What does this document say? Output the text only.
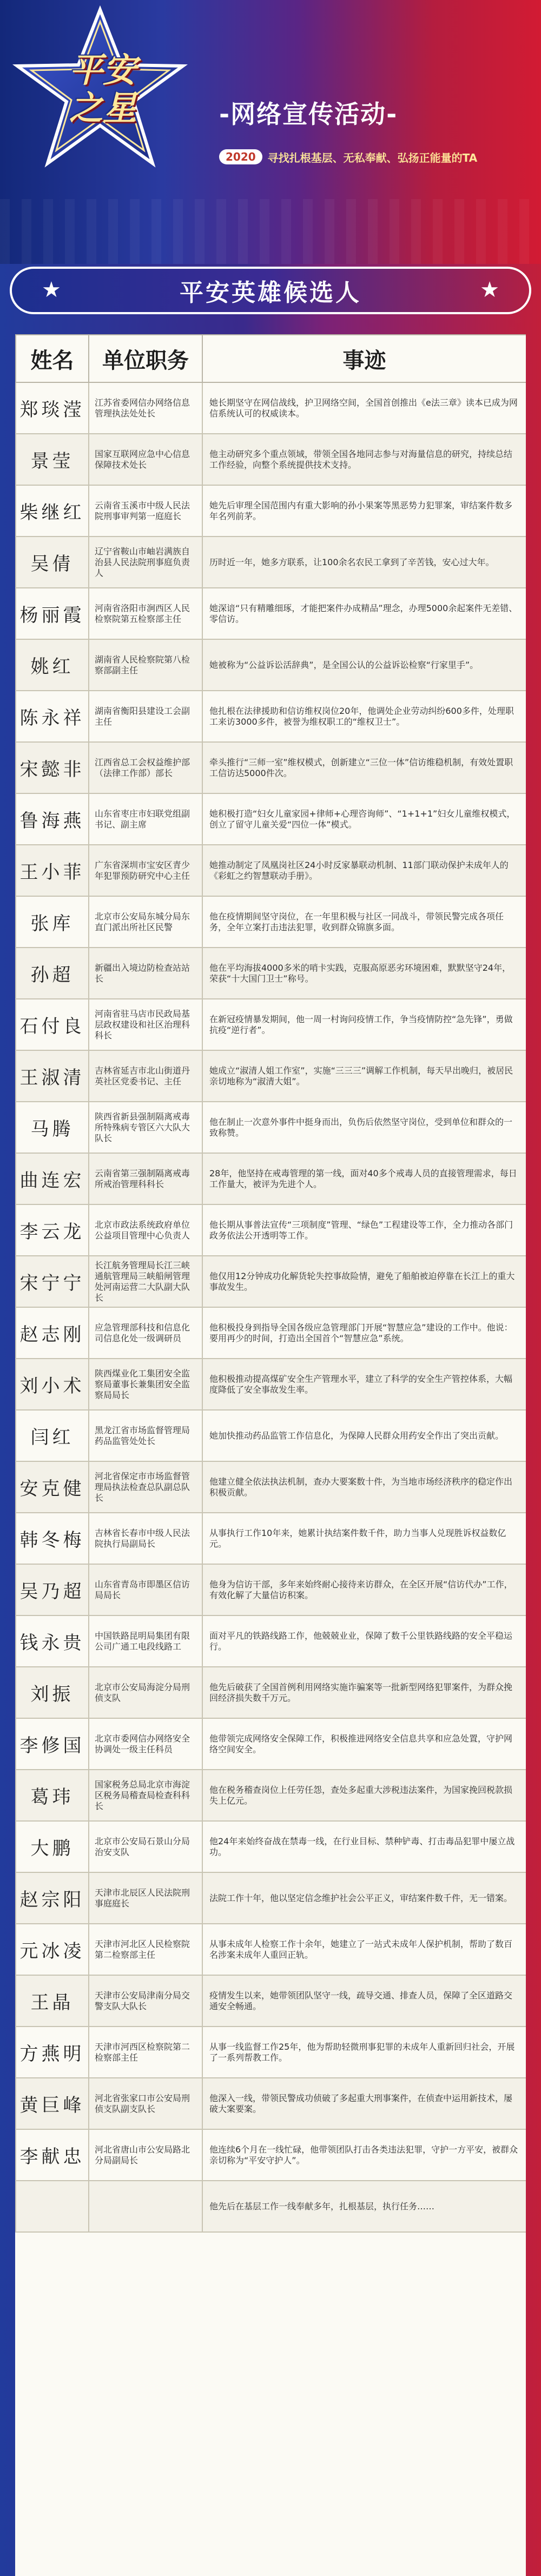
平安
之星	-网络宣传活动-
2020	寻找扎根基层、无私奉献、弘扬正能量的TA
★	平安英雄候选人	★
姓名	单位职务	事迹
郑琰滢	江苏省委网信办网络信息管理执法处处长	她长期坚守在网信战线，护卫网络空间，全国首创推出《e法三章》读本已成为网信系统认可的权威读本。
景莹	国家互联网应急中心信息保障技术处长	他主动研究多个重点领域，带领全国各地同志参与对海量信息的研究，持续总结工作经验，向整个系统提供技术支持。
柴继红	云南省玉溪市中级人民法院刑事审判第一庭庭长	她先后审理全国范围内有重大影响的孙小果案等黑恶势力犯罪案，审结案件数多年名列前茅。
吴倩	辽宁省鞍山市岫岩满族自治县人民法院刑事庭负责人	历时近一年，她多方联系，让100余名农民工拿到了辛苦钱，安心过大年。
杨丽霞	河南省洛阳市涧西区人民检察院第五检察部主任	她深谙“只有精雕细琢，才能把案件办成精品”理念，办理5000余起案件无差错、零信访。
姚红	湖南省人民检察院第八检察部副主任	她被称为“公益诉讼活辞典”，是全国公认的公益诉讼检察“行家里手”。
陈永祥	湖南省衡阳县建设工会副主任	他扎根在法律援助和信访维权岗位20年，他调处企业劳动纠纷600多件，处理职工来访3000多件，被誉为维权职工的“维权卫士”。
宋懿非	江西省总工会权益维护部（法律工作部）部长	牵头推行“三师一室”维权模式，创新建立“三位一体”信访维稳机制，有效处置职工信访达5000件次。
鲁海燕	山东省枣庄市妇联党组副书记、副主席	她积极打造“妇女儿童家园+律师+心理咨询师”、“1+1+1”妇女儿童维权模式，创立了留守儿童关爱“四位一体”模式。
王小菲	广东省深圳市宝安区青少年犯罪预防研究中心主任	她推动制定了凤凰岗社区24小时反家暴联动机制、11部门联动保护未成年人的《彩虹之约智慧联动手册》。
张库	北京市公安局东城分局东直门派出所社区民警	他在疫情期间坚守岗位，在一年里积极与社区一同战斗，带领民警完成各项任务，全年立案打击违法犯罪，收到群众锦旗多面。
孙超	新疆出入境边防检查站站长	他在平均海拔4000多米的哨卡实践，克服高原恶劣环境困难，默默坚守24年，荣获“十大国门卫士”称号。
石付良	河南省驻马店市民政局基层政权建设和社区治理科科长	在新冠疫情暴发期间，他一周一村询问疫情工作，争当疫情防控“急先锋”，勇做抗疫“逆行者”。
王淑清	吉林省延吉市北山街道丹英社区党委书记、主任	她成立“淑清人姐工作室”，实施“三三三”调解工作机制，每天早出晚归，被居民亲切地称为“淑清大姐”。
马腾	陕西省新县强制隔离戒毒所特殊病专管区六大队大队长	他在制止一次意外事件中挺身而出，负伤后依然坚守岗位，受到单位和群众的一致称赞。
曲连宏	云南省第三强制隔离戒毒所戒治管理科科长	28年，他坚持在戒毒管理的第一线，面对40多个戒毒人员的直接管理需求，每日工作量大，被评为先进个人。
李云龙	北京市政法系统政府单位公益项目管理中心负责人	他长期从事普法宣传“三项制度”管理、“绿色”工程建设等工作，全力推动各部门政务依法公开透明等工作。
宋宁宁	长江航务管理局长江三峡通航管理局三峡船闸管理处河南运营二大队副大队长	他仅用12分钟成功化解货轮失控事故险情，避免了船舶被迫停靠在长江上的重大事故发生。
赵志刚	应急管理部科技和信息化司信息化处一级调研员	他积极投身到指导全国各级应急管理部门开展“智慧应急”建设的工作中。他说：要用再少的时间，打造出全国首个“智慧应急”系统。
刘小术	陕西煤业化工集团安全监察局董事长兼集团安全监察局局长	他积极推动提高煤矿安全生产管理水平，建立了科学的安全生产管控体系，大幅度降低了安全事故发生率。
闫红	黑龙江省市场监督管理局药品监管处处长	她加快推动药品监管工作信息化，为保障人民群众用药安全作出了突出贡献。
安克健	河北省保定市市场监督管理局执法检查总队副总队长	他建立健全依法执法机制，查办大要案数十件，为当地市场经济秩序的稳定作出积极贡献。
韩冬梅	吉林省长春市中级人民法院执行局副局长	从事执行工作10年来，她累计执结案件数千件，助力当事人兑现胜诉权益数亿元。
吴乃超	山东省青岛市即墨区信访局局长	他身为信访干部，多年来始终耐心接待来访群众，在全区开展“信访代办”工作，有效化解了大量信访积案。
钱永贵	中国铁路昆明局集团有限公司广通工电段线路工	面对平凡的铁路线路工作，他兢兢业业，保障了数千公里铁路线路的安全平稳运行。
刘振	北京市公安局海淀分局刑侦支队	他先后破获了全国首例利用网络实施诈骗案等一批新型网络犯罪案件，为群众挽回经济损失数千万元。
李修国	北京市委网信办网络安全协调处一级主任科员	他带领完成网络安全保障工作，积极推进网络安全信息共享和应急处置，守护网络空间安全。
葛玮	国家税务总局北京市海淀区税务局稽查局检查科科长	他在税务稽查岗位上任劳任怨，查处多起重大涉税违法案件，为国家挽回税款损失上亿元。
大鹏	北京市公安局石景山分局治安支队	他24年来始终奋战在禁毒一线，在行业目标、禁种铲毒、打击毒品犯罪中屡立战功。
赵宗阳	天津市北辰区人民法院刑事庭庭长	法院工作十年，他以坚定信念维护社会公平正义，审结案件数千件，无一错案。
元冰凌	天津市河北区人民检察院第二检察部主任	从事未成年人检察工作十余年，她建立了一站式未成年人保护机制，帮助了数百名涉案未成年人重回正轨。
王晶	天津市公安局津南分局交警支队大队长	疫情发生以来，她带领团队坚守一线，疏导交通、排查人员，保障了全区道路交通安全畅通。
方燕明	天津市河西区检察院第二检察部主任	从事一线监督工作25年，他为帮助轻微刑事犯罪的未成年人重新回归社会，开展了一系列帮教工作。
黄巨峰	河北省张家口市公安局刑侦支队副支队长	他深入一线，带领民警成功侦破了多起重大刑事案件，在侦查中运用新技术，屡破大案要案。
李献忠	河北省唐山市公安局路北分局副局长	他连续6个月在一线忙碌，他带领团队打击各类违法犯罪，守护一方平安，被群众亲切称为“平安守护人”。
		他先后在基层工作一线奉献多年，扎根基层，执行任务……
